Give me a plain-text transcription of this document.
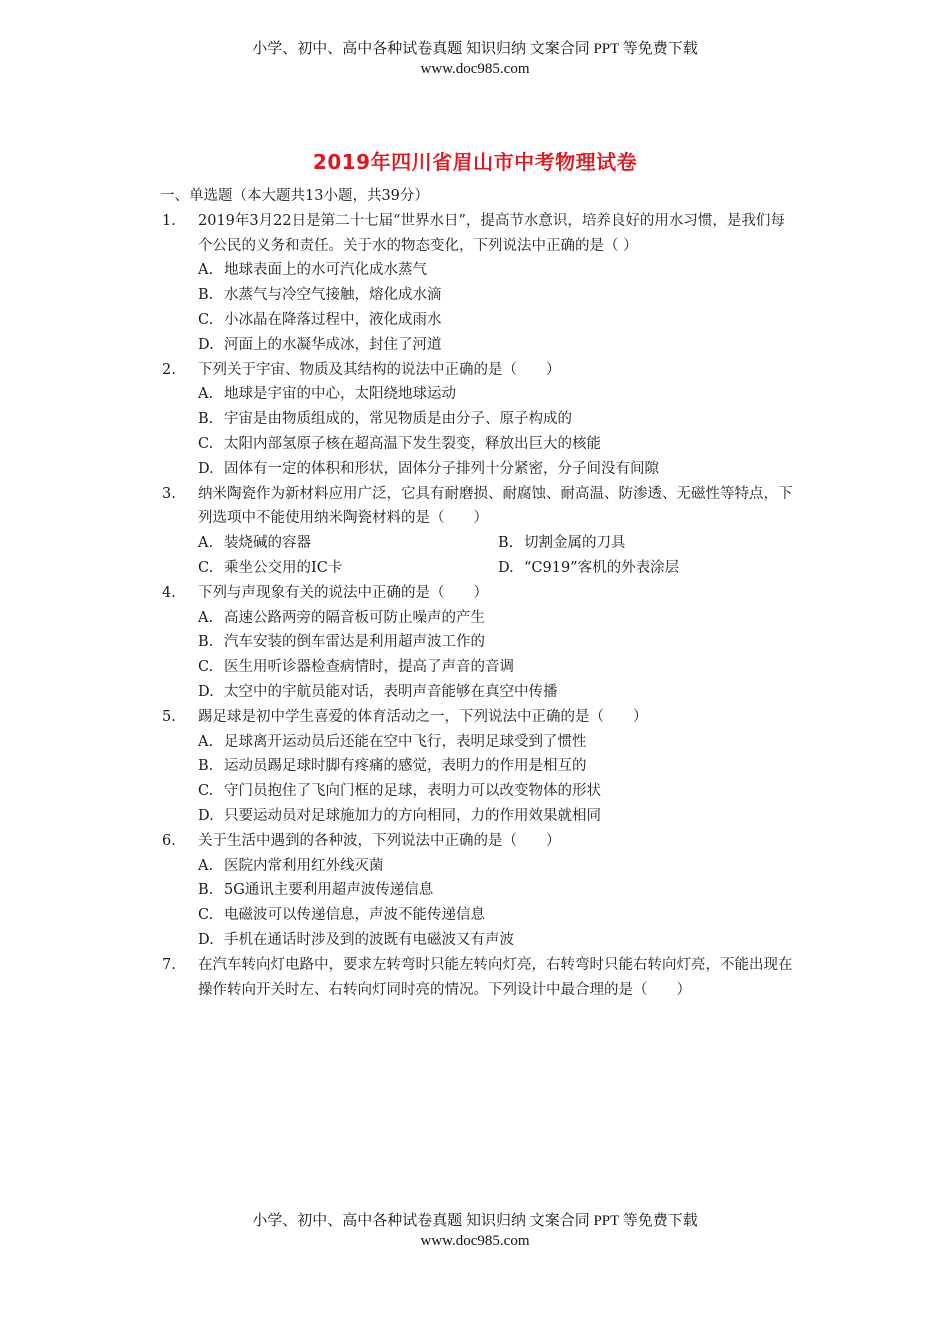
小学、初中、高中各种试卷真题 知识归纳 文案合同 PPT 等免费下载
www.doc985.com
2019年四川省眉山市中考物理试卷

一、单选题（本大题共13小题，共39分）

1.	2019年3月22日是第二十七届“世界水日”，提高节水意识，培养良好的用水习惯，是我们每个公民的义务和责任。关于水的物态变化，下列说法中正确的是（ ）

A. 地球表面上的水可汽化成水蒸气
B. 水蒸气与冷空气接触，熔化成水滴
C. 小冰晶在降落过程中，液化成雨水
D. 河面上的水凝华成冰，封住了河道
2.	下列关于宇宙、物质及其结构的说法中正确的是（　　）

A. 地球是宇宙的中心，太阳绕地球运动
B. 宇宙是由物质组成的，常见物质是由分子、原子构成的
C. 太阳内部氢原子核在超高温下发生裂变，释放出巨大的核能
D. 固体有一定的体积和形状，固体分子排列十分紧密，分子间没有间隙
3.	纳米陶瓷作为新材料应用广泛，它具有耐磨损、耐腐蚀、耐高温、防渗透、无磁性等特点，下列选项中不能使用纳米陶瓷材料的是（　　）

A. 装烧碱的容器	B. 切割金属的刀具
C. 乘坐公交用的IC卡	D. “C919”客机的外表涂层
4.	下列与声现象有关的说法中正确的是（　　）

A. 高速公路两旁的隔音板可防止噪声的产生
B. 汽车安装的倒车雷达是利用超声波工作的
C. 医生用听诊器检查病情时，提高了声音的音调
D. 太空中的宇航员能对话，表明声音能够在真空中传播
5.	踢足球是初中学生喜爱的体育活动之一，下列说法中正确的是（　　）

A. 足球离开运动员后还能在空中飞行，表明足球受到了惯性
B. 运动员踢足球时脚有疼痛的感觉，表明力的作用是相互的
C. 守门员抱住了飞向门框的足球，表明力可以改变物体的形状
D. 只要运动员对足球施加力的方向相同，力的作用效果就相同
6.	关于生活中遇到的各种波，下列说法中正确的是（　　）

A. 医院内常利用红外线灭菌
B. 5G通讯主要利用超声波传递信息
C. 电磁波可以传递信息，声波不能传递信息
D. 手机在通话时涉及到的波既有电磁波又有声波
7.	在汽车转向灯电路中，要求左转弯时只能左转向灯亮，右转弯时只能右转向灯亮，不能出现在操作转向开关时左、右转向灯同时亮的情况。下列设计中最合理的是（　　）

小学、初中、高中各种试卷真题 知识归纳 文案合同 PPT 等免费下载
www.doc985.com
